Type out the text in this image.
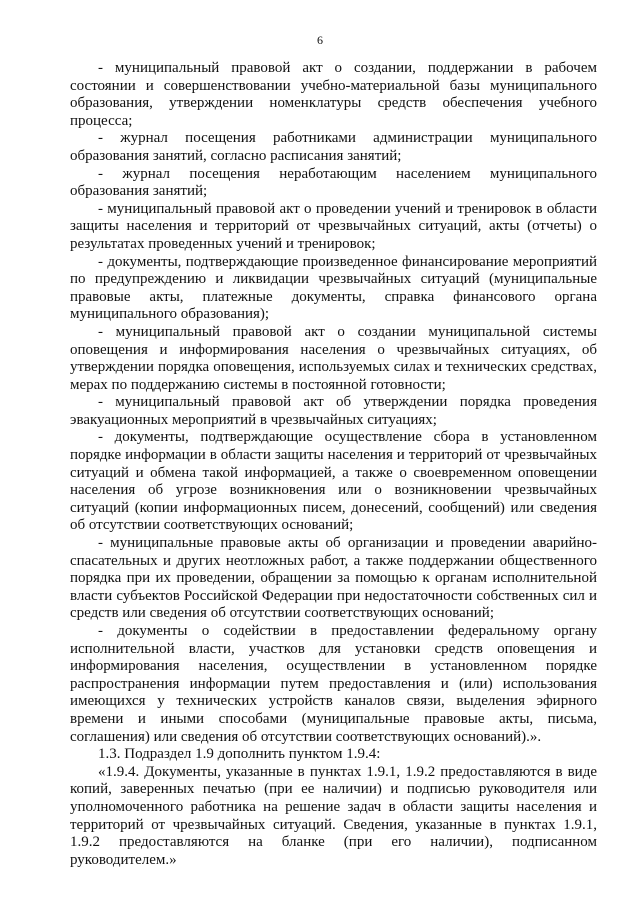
6

- муниципальный правовой акт о создании, поддержании в рабочем состоянии и совершенствовании учебно-материальной базы муниципального образования, утверждении номенклатуры средств обеспечения учебного процесса;

- журнал посещения работниками администрации муниципального образования занятий, согласно расписания занятий;

- журнал посещения неработающим населением муниципального образования занятий;

- муниципальный правовой акт о проведении учений и тренировок в области защиты населения и территорий от чрезвычайных ситуаций, акты (отчеты) о результатах проведенных учений и тренировок;

- документы, подтверждающие произведенное финансирование мероприятий по предупреждению и ликвидации чрезвычайных ситуаций (муниципальные правовые акты, платежные документы, справка финансового органа муниципального образования);

- муниципальный правовой акт о создании муниципальной системы оповещения и информирования населения о чрезвычайных ситуациях, об утверждении порядка оповещения, используемых силах и технических средствах, мерах по поддержанию системы в постоянной готовности;

- муниципальный правовой акт об утверждении порядка проведения эвакуационных мероприятий в чрезвычайных ситуациях;

- документы, подтверждающие осуществление сбора в установленном порядке информации в области защиты населения и территорий от чрезвычайных ситуаций и обмена такой информацией, а также о своевременном оповещении населения об угрозе возникновения или о возникновении чрезвычайных ситуаций (копии информационных писем, донесений, сообщений) или сведения об отсутствии соответствующих оснований;

- муниципальные правовые акты об организации и проведении аварийно-спасательных и других неотложных работ, а также поддержании общественного порядка при их проведении, обращении за помощью к органам исполнительной власти субъектов Российской Федерации при недостаточности собственных сил и средств или сведения об отсутствии соответствующих оснований;

- документы о содействии в предоставлении федеральному органу исполнительной власти, участков для установки средств оповещения и информирования населения, осуществлении в установленном порядке распространения информации путем предоставления и (или) использования имеющихся у технических устройств каналов связи, выделения эфирного времени и иными способами (муниципальные правовые акты, письма, соглашения) или сведения об отсутствии соответствующих оснований).».

1.3. Подраздел 1.9 дополнить пунктом 1.9.4:

«1.9.4. Документы, указанные в пунктах 1.9.1, 1.9.2 предоставляются в виде копий, заверенных печатью (при ее наличии) и подписью руководителя или уполномоченного работника на решение задач в области защиты населения и территорий от чрезвычайных ситуаций. Сведения, указанные в пунктах 1.9.1, 1.9.2 предоставляются на бланке (при его наличии), подписанном руководителем.»
